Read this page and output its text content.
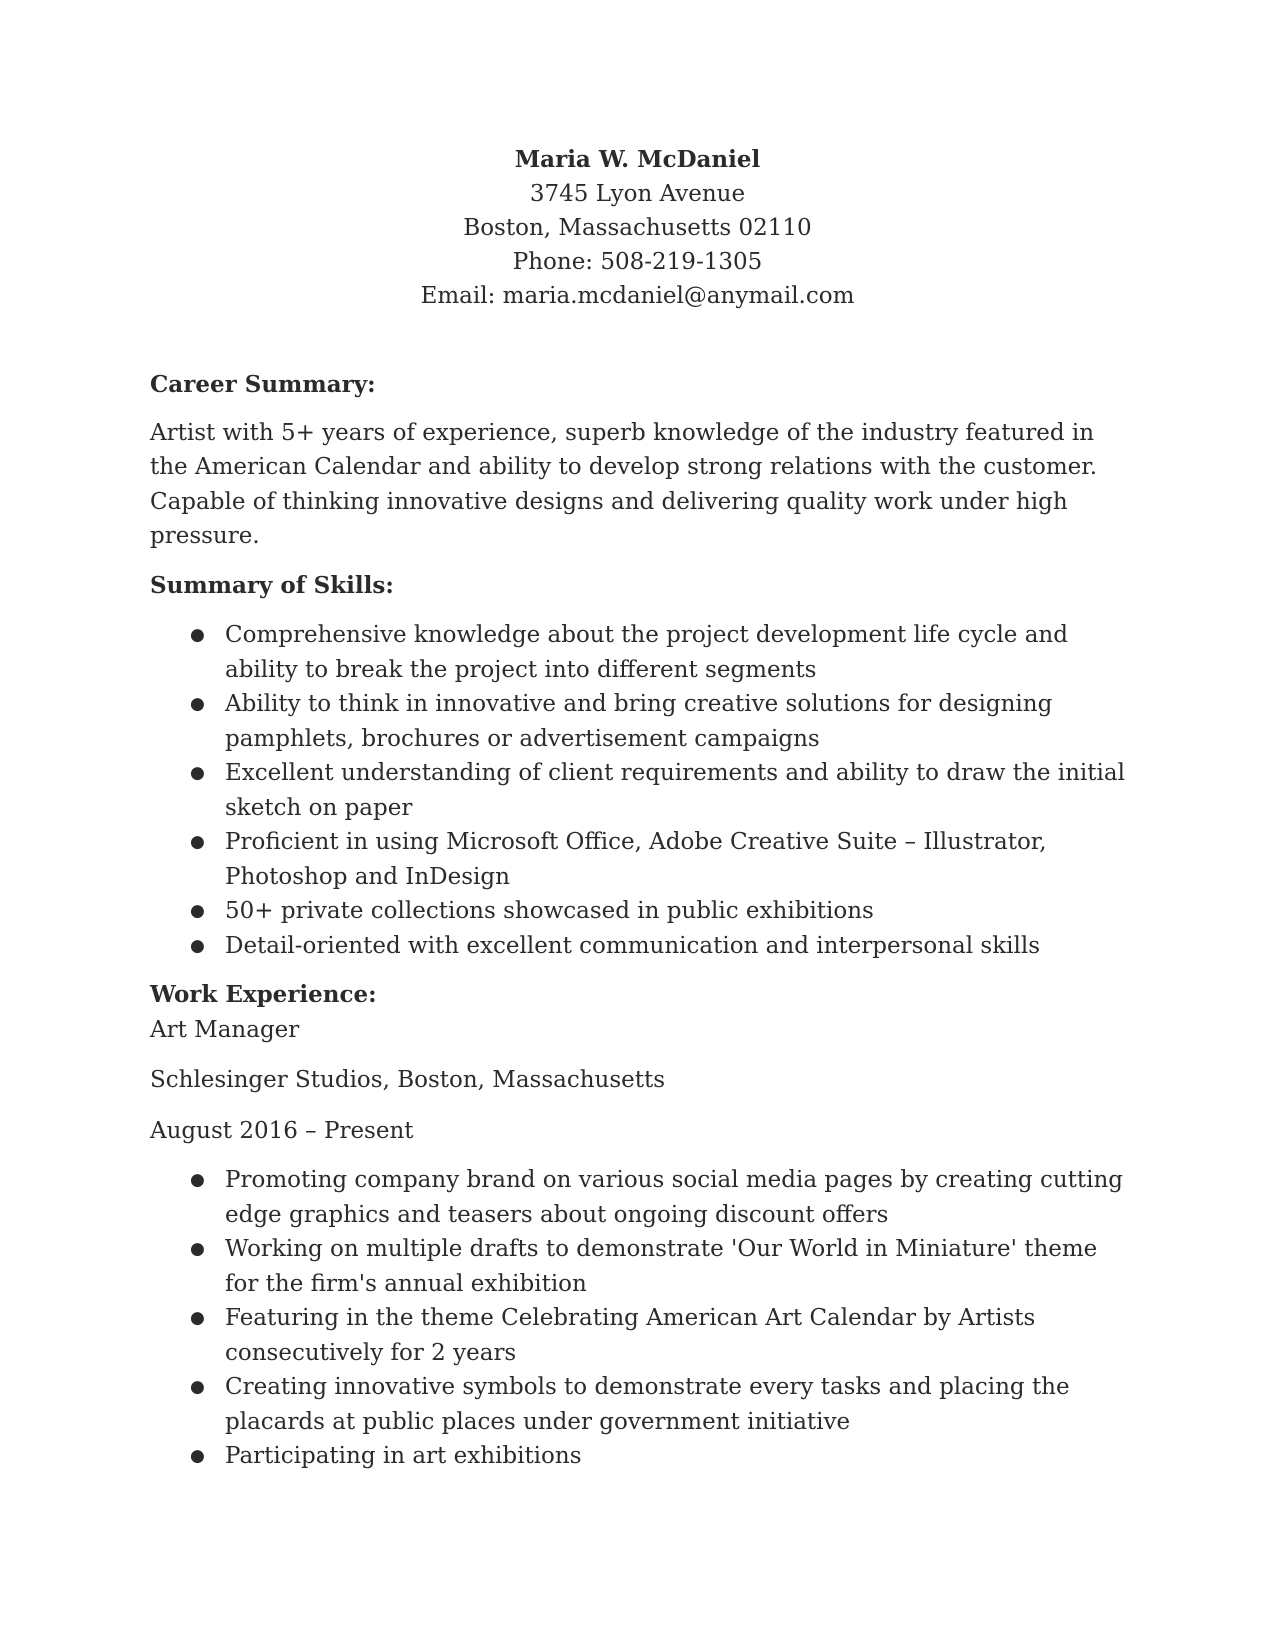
Maria W. McDaniel
3745 Lyon Avenue
Boston, Massachusetts 02110
Phone: 508-219-1305
Email: maria.mcdaniel@anymail.com

Career Summary:

Artist with 5+ years of experience, superb knowledge of the industry featured in the American Calendar and ability to develop strong relations with the customer. Capable of thinking innovative designs and delivering quality work under high pressure.

Summary of Skills:

● Comprehensive knowledge about the project development life cycle and ability to break the project into different segments
● Ability to think in innovative and bring creative solutions for designing pamphlets, brochures or advertisement campaigns
● Excellent understanding of client requirements and ability to draw the initial sketch on paper
● Proficient in using Microsoft Office, Adobe Creative Suite – Illustrator, Photoshop and InDesign
● 50+ private collections showcased in public exhibitions
● Detail-oriented with excellent communication and interpersonal skills

Work Experience:

Art Manager

Schlesinger Studios, Boston, Massachusetts

August 2016 – Present

● Promoting company brand on various social media pages by creating cutting edge graphics and teasers about ongoing discount offers
● Working on multiple drafts to demonstrate 'Our World in Miniature' theme for the firm's annual exhibition
● Featuring in the theme Celebrating American Art Calendar by Artists consecutively for 2 years
● Creating innovative symbols to demonstrate every tasks and placing the placards at public places under government initiative
● Participating in art exhibitions
